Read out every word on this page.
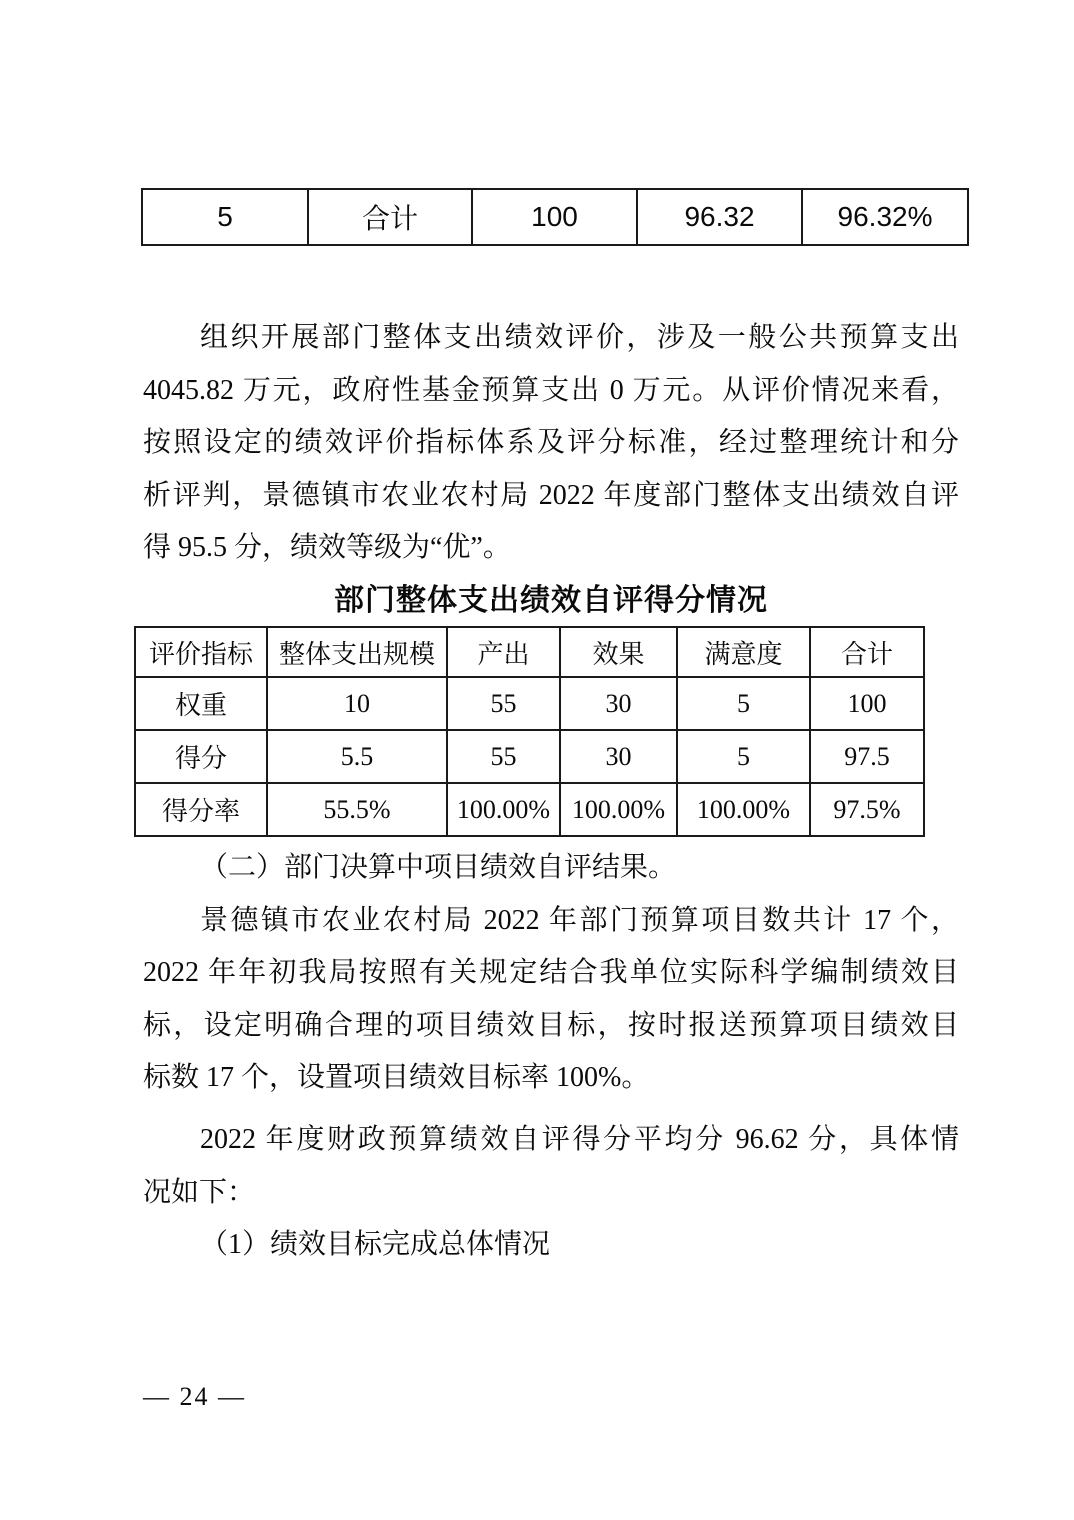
5	合计	100	96.32	96.32%
组织开展部门整体支出绩效评价，涉及一般公共预算支出
4045.82 万元，政府性基金预算支出 0 万元。从评价情况来看，
按照设定的绩效评价指标体系及评分标准，经过整理统计和分
析评判，景德镇市农业农村局 2022 年度部门整体支出绩效自评
得 95.5 分，绩效等级为“优”。
部门整体支出绩效自评得分情况
评价指标	整体支出规模	产出	效果	满意度	合计
权重	10	55	30	5	100
得分	5.5	55	30	5	97.5
得分率	55.5%	100.00%	100.00%	100.00%	97.5%
（二）部门决算中项目绩效自评结果。
景德镇市农业农村局 2022 年部门预算项目数共计 17 个，
2022 年年初我局按照有关规定结合我单位实际科学编制绩效目
标，设定明确合理的项目绩效目标，按时报送预算项目绩效目
标数 17 个，设置项目绩效目标率 100%。
2022 年度财政预算绩效自评得分平均分 96.62 分，具体情
况如下：
（1）绩效目标完成总体情况
— 24 —
